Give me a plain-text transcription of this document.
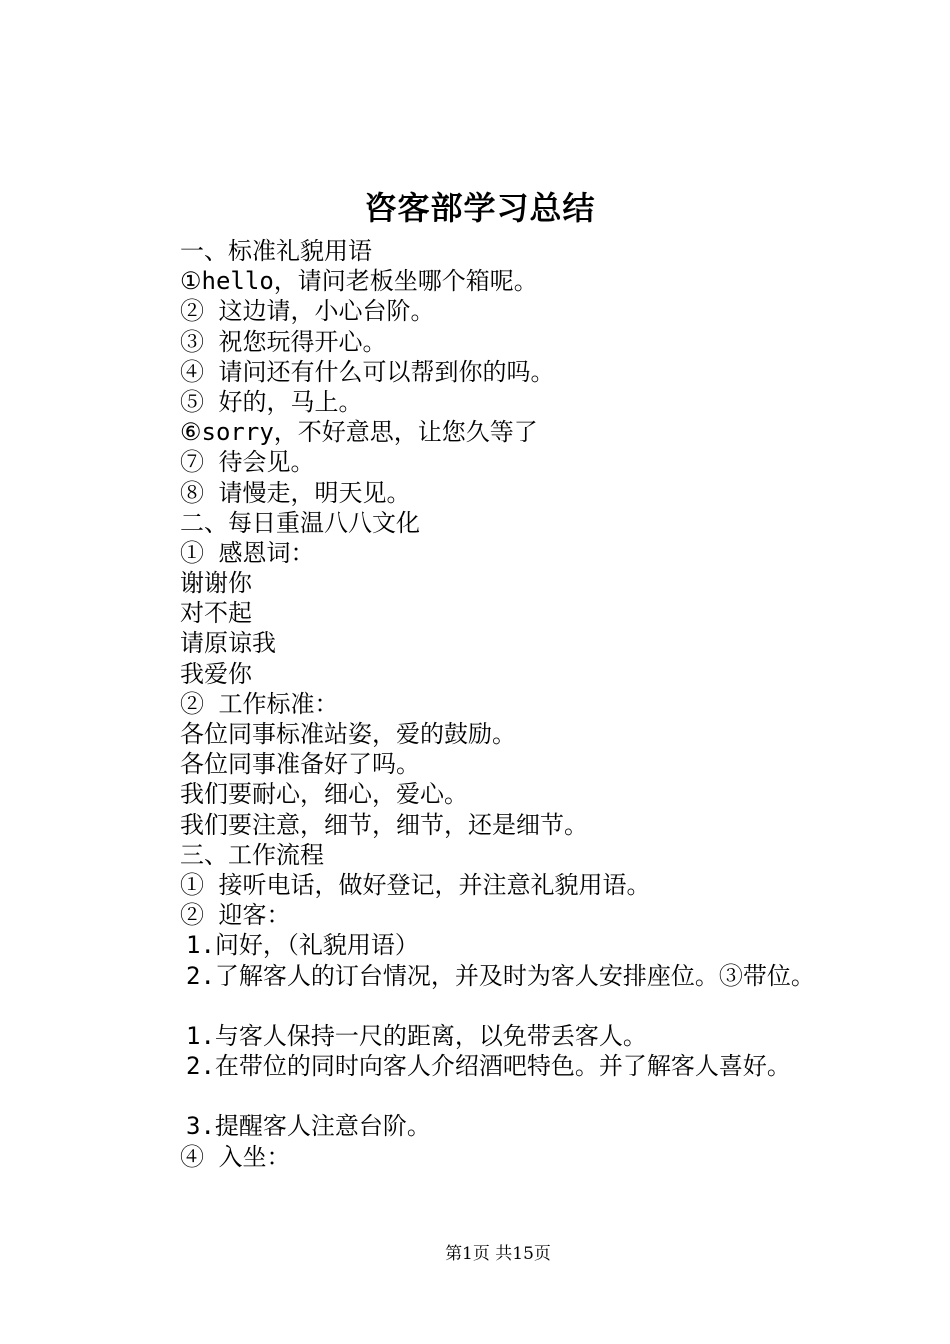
咨客部学习总结
一、标准礼貌用语
①hello，请问老板坐哪个箱呢。
② 这边请，小心台阶。
③ 祝您玩得开心。
④ 请问还有什么可以帮到你的吗。
⑤ 好的，马上。
⑥sorry，不好意思，让您久等了
⑦ 待会见。
⑧ 请慢走，明天见。
二、每日重温八八文化
① 感恩词：
谢谢你
对不起
请原谅我
我爱你
② 工作标准：
各位同事标准站姿，爱的鼓励。
各位同事准备好了吗。
我们要耐心，细心，爱心。
我们要注意，细节，细节，还是细节。
三、工作流程
① 接听电话，做好登记，并注意礼貌用语。
② 迎客：
1.问好，（礼貌用语）
2.了解客人的订台情况，并及时为客人安排座位。③带位。
1.与客人保持一尺的距离，以免带丢客人。
2.在带位的同时向客人介绍酒吧特色。并了解客人喜好。
3.提醒客人注意台阶。
④ 入坐：
第1页 共15页
